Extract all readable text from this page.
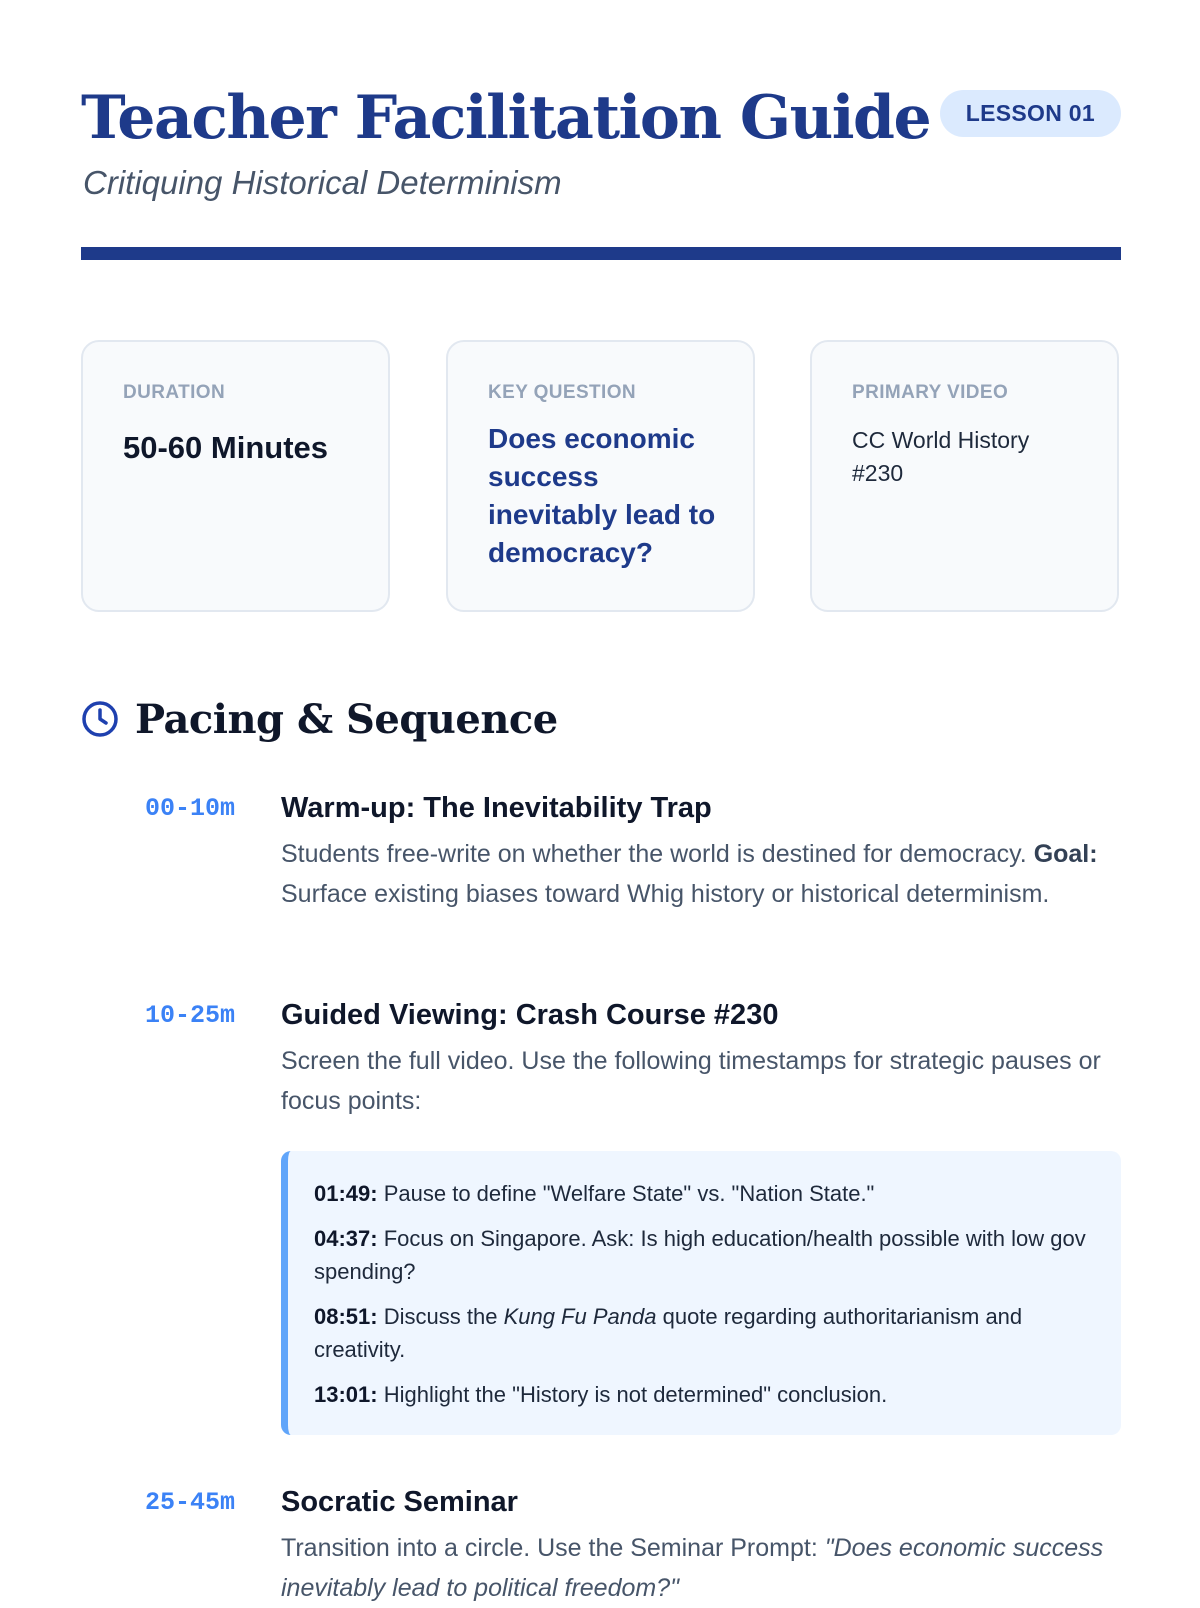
Teacher Facilitation Guide
Critiquing Historical Determinism
LESSON 01
DURATION
50-60 Minutes
KEY QUESTION
Does economic success inevitably lead to democracy?
PRIMARY VIDEO
CC World History #230
Pacing & Sequence
00-10m Warm-up: The Inevitability Trap

Students free-write on whether the world is destined for democracy. Goal: Surface existing biases toward Whig history or historical determinism.

10-25m Guided Viewing: Crash Course #230

Screen the full video. Use the following timestamps for strategic pauses or focus points:

01:49: Pause to define "Welfare State" vs. "Nation State."
04:37: Focus on Singapore. Ask: Is high education/health possible with low gov spending?
08:51: Discuss the Kung Fu Panda quote regarding authoritarianism and creativity.
13:01: Highlight the "History is not determined" conclusion.
25-45m Socratic Seminar

Transition into a circle. Use the Seminar Prompt: "Does economic success inevitably lead to political freedom?"
